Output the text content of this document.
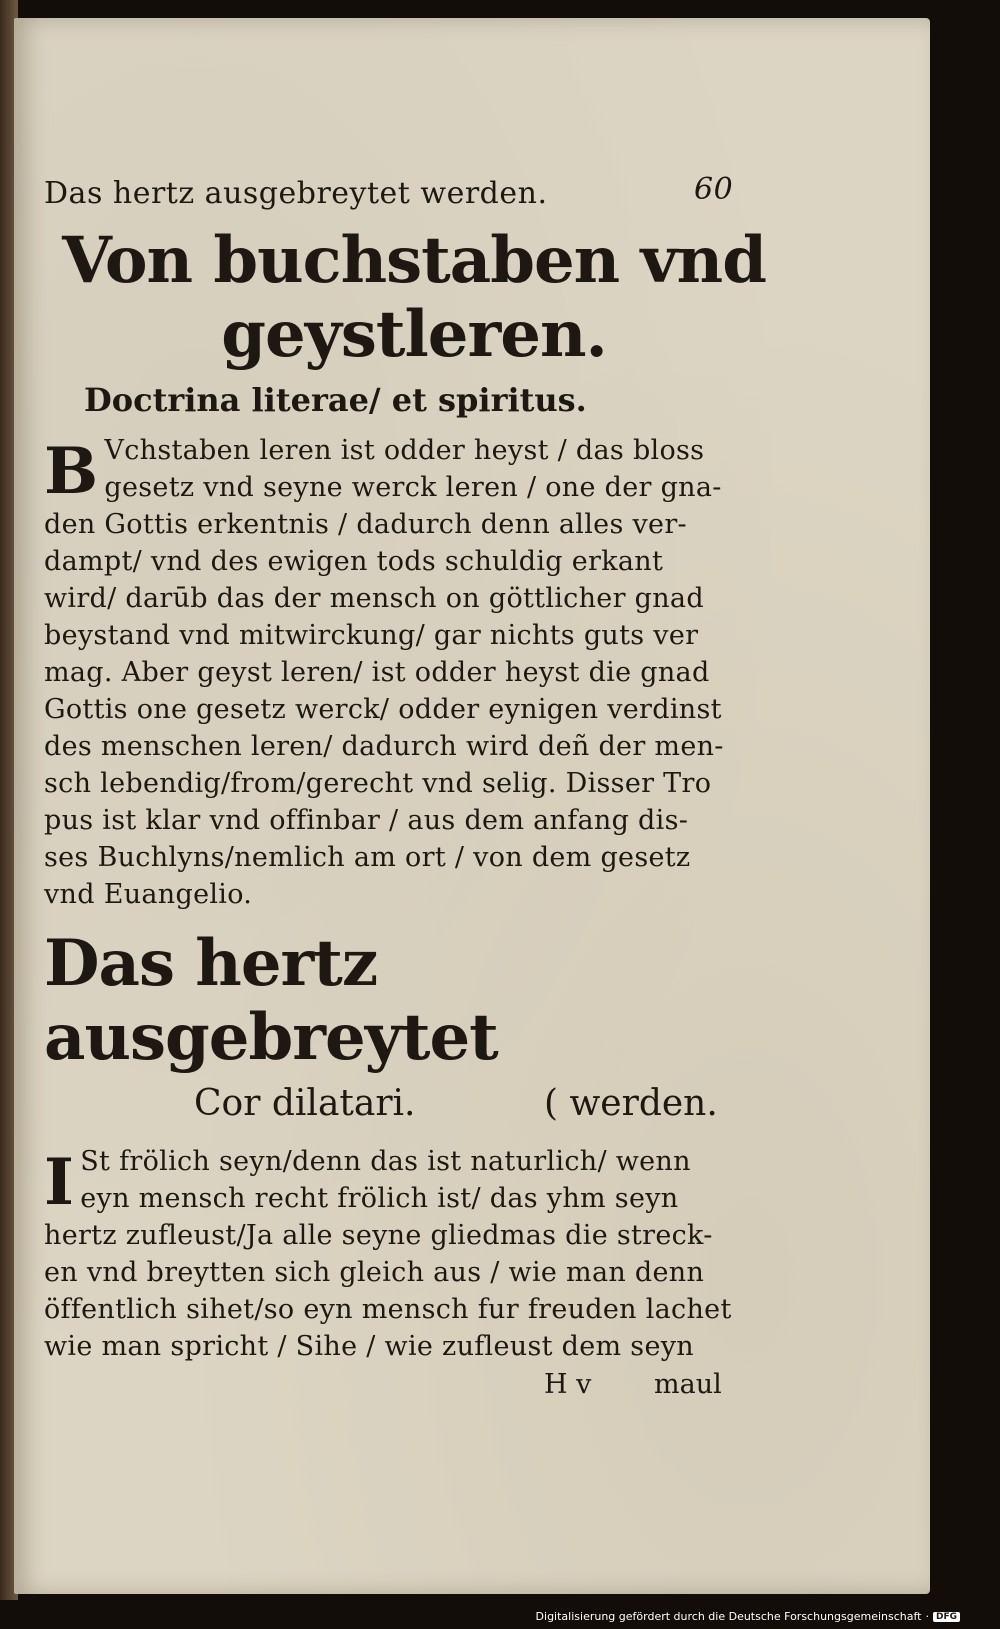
Das hertz ausgebreytet werden.	60
Von buchstaben vnd
geystleren.
Doctrina literae/ et spiritus.
B Vchstaben leren ist odder heyst / das bloss
gesetz vnd seyne werck leren / one der gna-
den Gottis erkentnis / dadurch denn alles ver-
dampt/ vnd des ewigen tods schuldig erkant
wird/ darūb das der mensch on göttlicher gnad
beystand vnd mitwirckung/ gar nichts guts ver
mag. Aber geyst leren/ ist odder heyst die gnad
Gottis one gesetz werck/ odder eynigen verdinst
des menschen leren/ dadurch wird deñ der men-
sch lebendig/from/gerecht vnd selig. Disser Tro
pus ist klar vnd offinbar / aus dem anfang dis-
ses Buchlyns/nemlich am ort / von dem gesetz
vnd Euangelio.
Das hertz ausgebreytet
Cor dilatari.	( werden.
I St frölich seyn/denn das ist naturlich/ wenn
eyn mensch recht frölich ist/ das yhm seyn
hertz zufleust/Ja alle seyne gliedmas die streck-
en vnd breytten sich gleich aus / wie man denn
öffentlich sihet/so eyn mensch fur freuden lachet
wie man spricht / Sihe / wie zufleust dem seyn
H v maul
Digitalisierung gefördert durch die Deutsche Forschungsgemeinschaft · DFG
